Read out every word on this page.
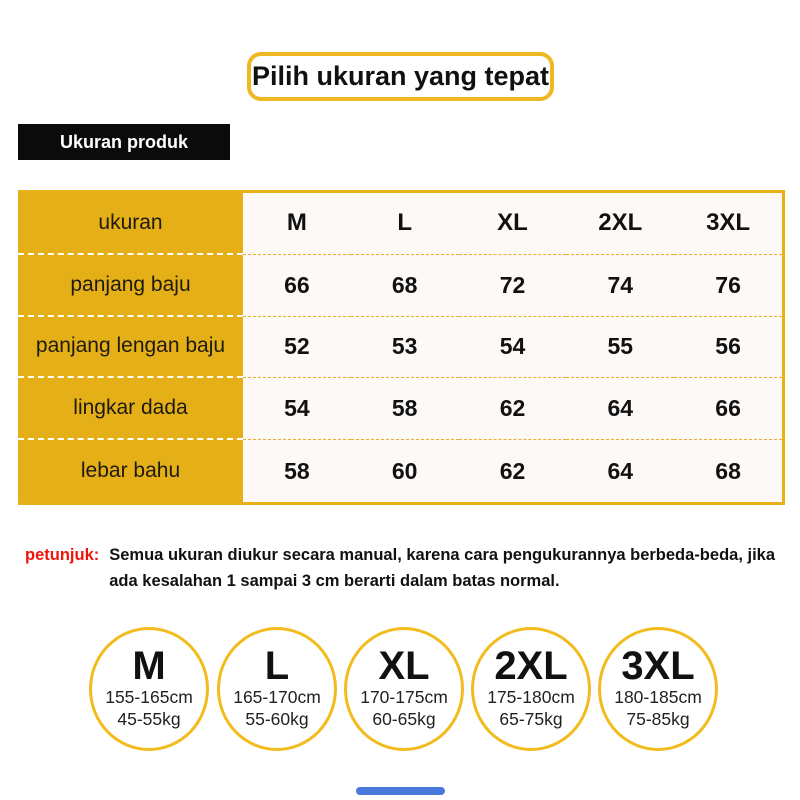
Pilih ukuran yang tepat
Ukuran produk
ukuran	M	L	XL	2XL	3XL
panjang baju	66	68	72	74	76
panjang lengan baju	52	53	54	55	56
lingkar dada	54	58	62	64	66
lebar bahu	58	60	62	64	68
petunjuk: Semua ukuran diukur secara manual, karena cara pengukurannya berbeda-beda, jika ada kesalahan 1 sampai 3 cm berarti dalam batas normal.
M
155-165cm
45-55kg
L
165-170cm
55-60kg
XL
170-175cm
60-65kg
2XL
175-180cm
65-75kg
3XL
180-185cm
75-85kg
